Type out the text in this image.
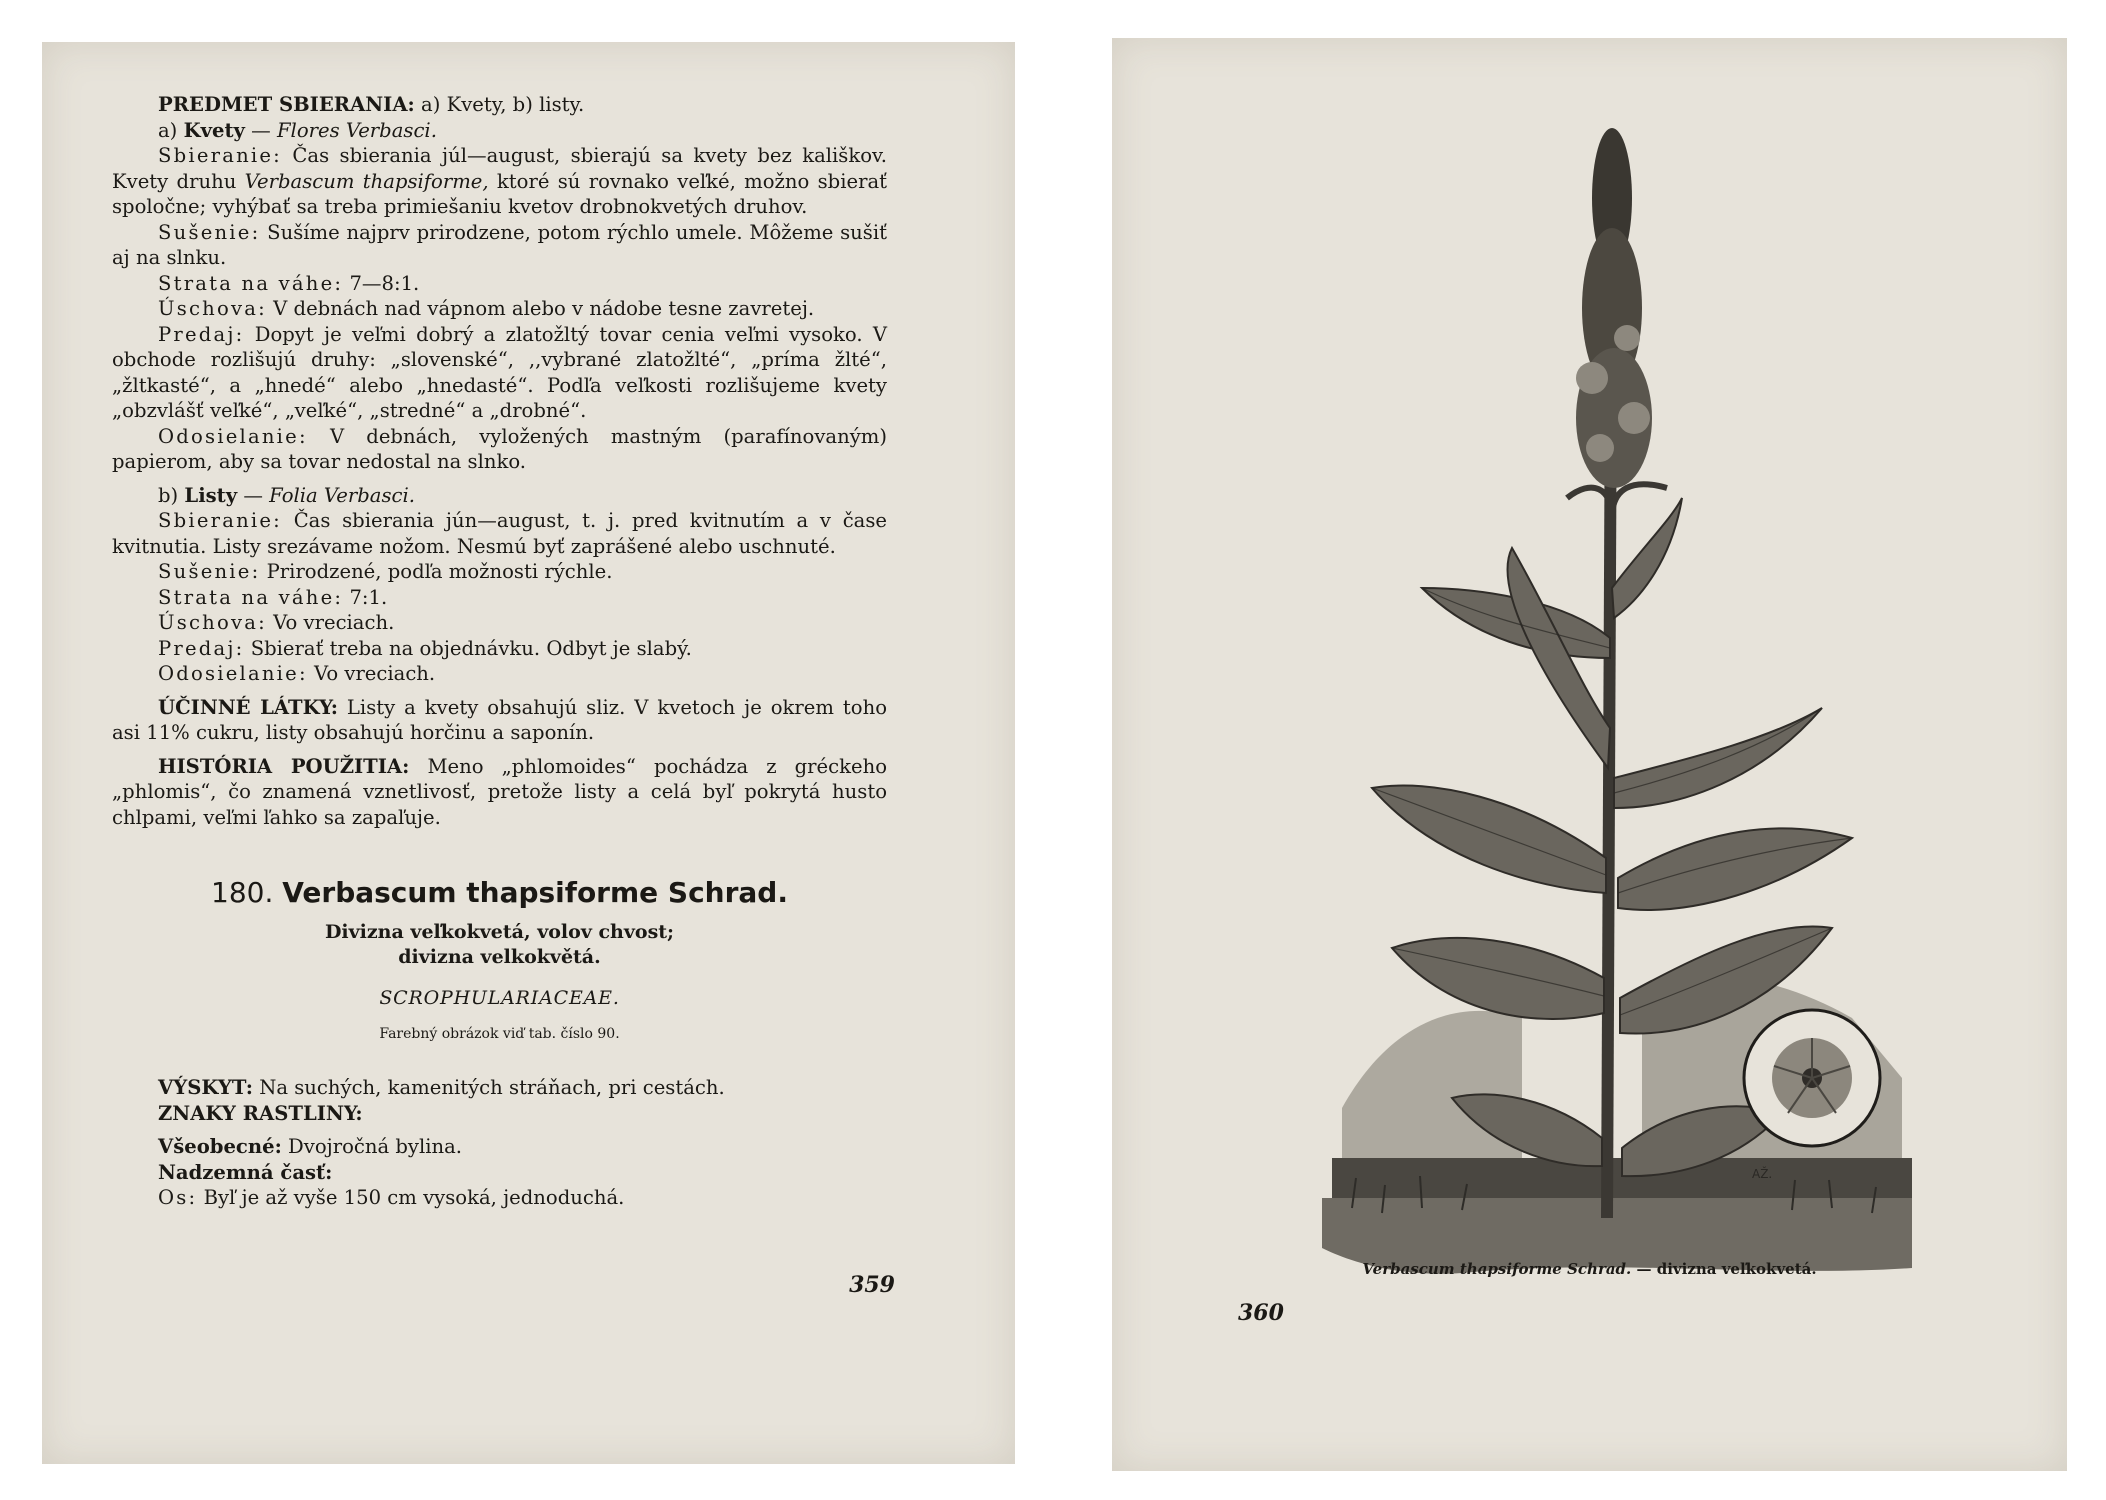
PREDMET SBIERANIA: a) Kvety, b) listy.

a) Kvety — Flores Verbasci.

Sbieranie: Čas sbierania júl—august, sbierajú sa kvety bez kališkov. Kvety druhu Verbascum thapsiforme, ktoré sú rovnako veľké, možno sbierať spoločne; vyhýbať sa treba primiešaniu kvetov drobnokvetých druhov.

Sušenie: Sušíme najprv prirodzene, potom rýchlo umele. Môžeme sušiť aj na slnku.

Strata na váhe: 7—8:1.

Úschova: V debnách nad vápnom alebo v nádobe tesne zavretej.

Predaj: Dopyt je veľmi dobrý a zlatožltý tovar cenia veľmi vysoko. V obchode rozlišujú druhy: „slovenské“, ,,vybrané zlatožlté“, „príma žlté“, „žltkasté“, a „hnedé“ alebo „hnedasté“. Podľa veľkosti rozlišujeme kvety „obzvlášť veľké“, „veľké“, „stredné“ a „drobné“.

Odosielanie: V debnách, vyložených mastným (parafínovaným) papierom, aby sa tovar nedostal na slnko.

b) Listy — Folia Verbasci.

Sbieranie: Čas sbierania jún—august, t. j. pred kvitnutím a v čase kvitnutia. Listy srezávame nožom. Nesmú byť zaprášené alebo uschnuté.

Sušenie: Prirodzené, podľa možnosti rýchle.

Strata na váhe: 7:1.

Úschova: Vo vreciach.

Predaj: Sbierať treba na objednávku. Odbyt je slabý.

Odosielanie: Vo vreciach.

ÚČINNÉ LÁTKY: Listy a kvety obsahujú sliz. V kvetoch je okrem toho asi 11% cukru, listy obsahujú horčinu a saponín.

HISTÓRIA POUŽITIA: Meno „phlomoides“ pochádza z gréckeho „phlomis“, čo znamená vznetlivosť, pretože listy a celá byľ pokrytá husto chlpami, veľmi ľahko sa zapaľuje.

180. Verbascum thapsiforme Schrad.

Divizna veľkokvetá, volov chvost;
divizna velkokvětá.

SCROPHULARIACEAE.

Farebný obrázok viď tab. číslo 90.

VÝSKYT: Na suchých, kamenitých stráňach, pri cestách.

ZNAKY RASTLINY:

Všeobecné: Dvojročná bylina.

Nadzemná časť:

Os: Byľ je až vyše 150 cm vysoká, jednoduchá.

359
AŽ.
Verbascum thapsiforme Schrad. — divizna veľkokvetá.
360
